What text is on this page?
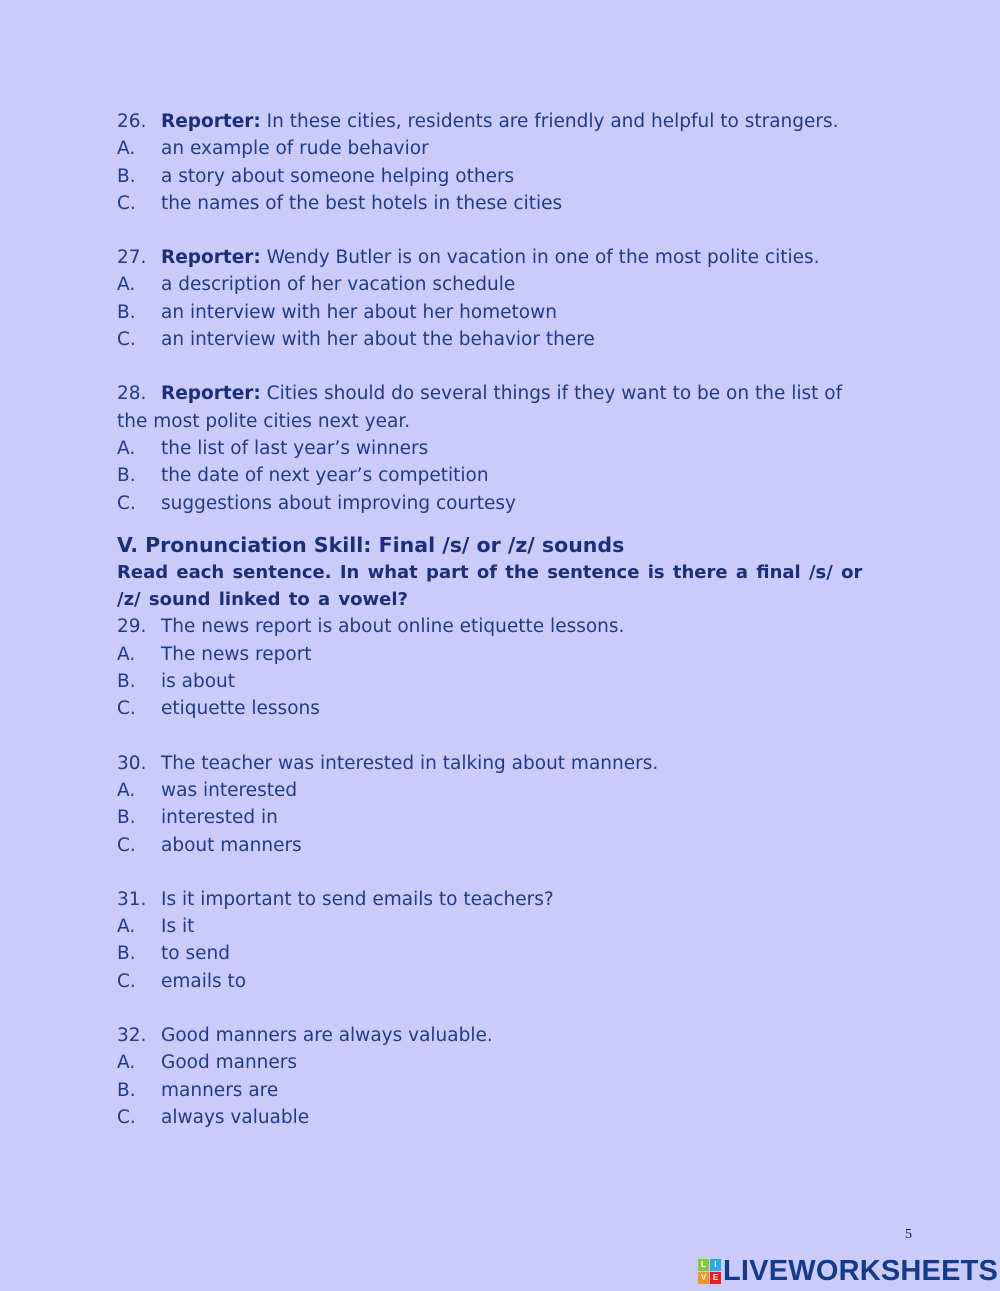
26. Reporter: In these cities, residents are friendly and helpful to strangers.
A.	an example of rude behavior
B.	a story about someone helping others
C.	the names of the best hotels in these cities
27. Reporter: Wendy Butler is on vacation in one of the most polite cities.
A.	a description of her vacation schedule
B.	an interview with her about her hometown
C.	an interview with her about the behavior there
28. Reporter: Cities should do several things if they want to be on the list of the most polite cities next year.
A.	the list of last year’s winners
B.	the date of next year’s competition
C.	suggestions about improving courtesy
V. Pronunciation Skill: Final /s/ or /z/ sounds
Read each sentence. In what part of the sentence is there a final /s/ or /z/ sound linked to a vowel?
29. The news report is about online etiquette lessons.
A.	The news report
B.	is about
C.	etiquette lessons
30. The teacher was interested in talking about manners.
A.	was interested
B.	interested in
C.	about manners
31. Is it important to send emails to teachers?
A.	Is it
B.	to send
C.	emails to
32. Good manners are always valuable.
A.	Good manners
B.	manners are
C.	always valuable
5
L	I
V E LIVEWORKSHEETS
